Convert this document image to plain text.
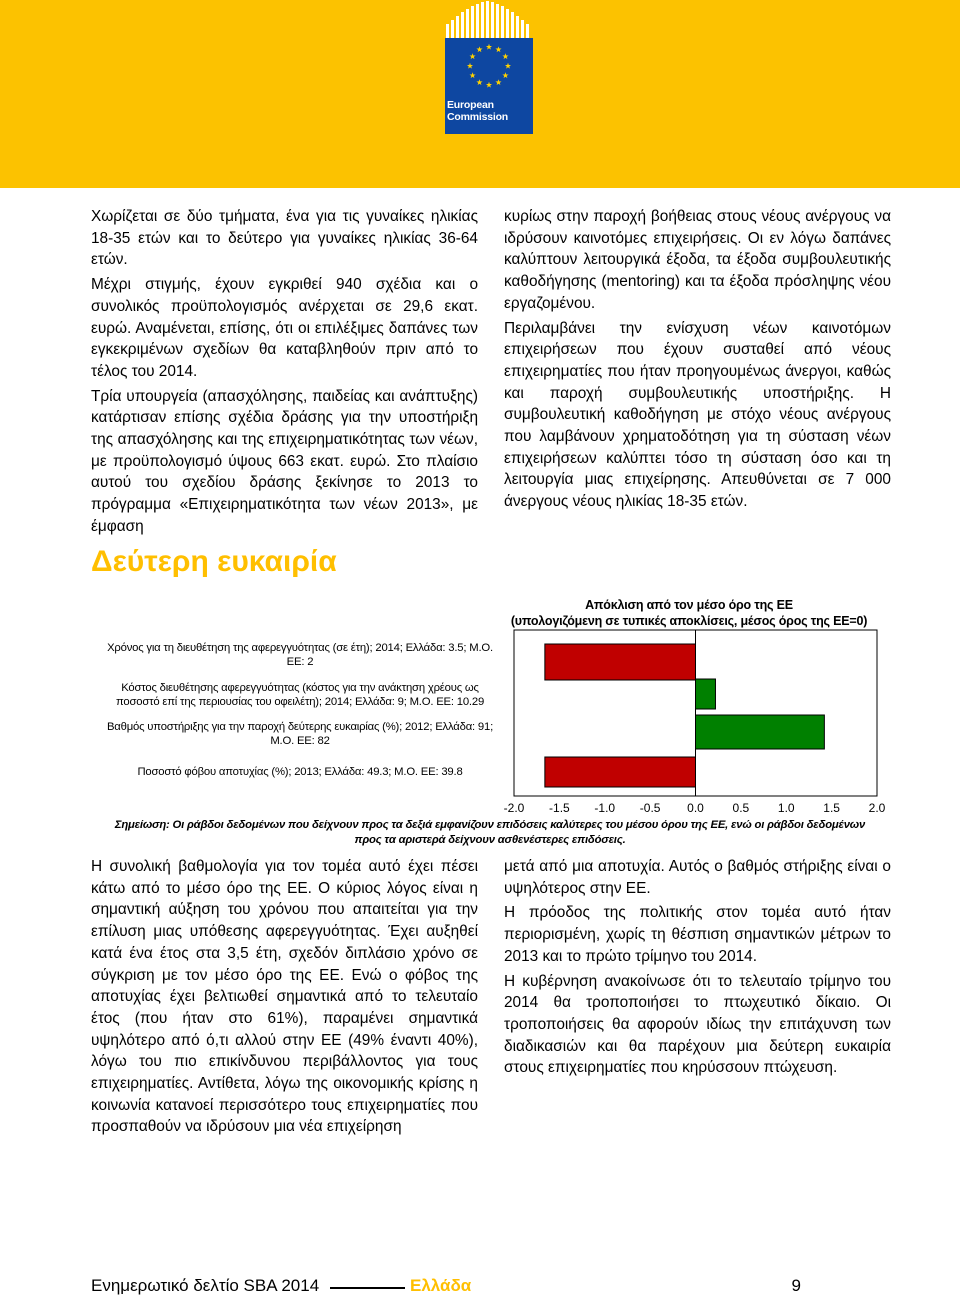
European
Commission

Χωρίζεται σε δύο τμήματα, ένα για τις γυναίκες ηλικίας 18-35 ετών και το δεύτερο για γυναίκες ηλικίας 36-64 ετών.

Μέχρι στιγμής, έχουν εγκριθεί 940 σχέδια και ο συνολικός προϋπολογισμός ανέρχεται σε 29,6 εκατ. ευρώ. Αναμένεται, επίσης, ότι οι επιλέξιμες δαπάνες των εγκεκριμένων σχεδίων θα καταβληθούν πριν από το τέλος του 2014.

Τρία υπουργεία (απασχόλησης, παιδείας και ανάπτυξης) κατάρτισαν επίσης σχέδια δράσης για την υποστήριξη της απασχόλησης και της επιχειρηματικότητας των νέων, με προϋπολογισμό ύψους 663 εκατ. ευρώ. Στο πλαίσιο αυτού του σχεδίου δράσης ξεκίνησε το 2013 το πρόγραμμα «Επιχειρηματικότητα των νέων 2013», με έμφαση

κυρίως στην παροχή βοήθειας στους νέους ανέργους να ιδρύσουν καινοτόμες επιχειρήσεις. Οι εν λόγω δαπάνες καλύπτουν λειτουργικά έξοδα, τα έξοδα συμβουλευτικής καθοδήγησης (mentoring) και τα έξοδα πρόσληψης νέου εργαζομένου.

Περιλαμβάνει την ενίσχυση νέων καινοτόμων επιχειρήσεων που έχουν συσταθεί από νέους επιχειρηματίες που ήταν προηγουμένως άνεργοι, καθώς και παροχή συμβουλευτικής υποστήριξης. Η συμβουλευτική καθοδήγηση με στόχο νέους ανέργους που λαμβάνουν χρηματοδότηση για τη σύσταση νέων επιχειρήσεων καλύπτει τόσο τη σύσταση όσο και τη λειτουργία μιας επιχείρησης. Απευθύνεται σε 7 000 άνεργους νέους ηλικίας 18-35 ετών.

Δεύτερη ευκαιρία
Απόκλιση από τον μέσο όρο της ΕΕ
(υπολογιζόμενη σε τυπικές αποκλίσεις, μέσος όρος της ΕΕ=0)
-2.0 -1.5 -1.0 -0.5 0.0 0.5 1.0 1.5 2.0
Χρόνος για τη διευθέτηση της αφερεγγυότητας (σε έτη); 2014; Ελλάδα: 3.5; Μ.Ο. ΕΕ: 2
Κόστος διευθέτησης αφερεγγυότητας (κόστος για την ανάκτηση χρέους ως ποσοστό επί της περιουσίας του οφειλέτη); 2014; Ελλάδα: 9; Μ.Ο. ΕΕ: 10.29
Βαθμός υποστήριξης για την παροχή δεύτερης ευκαιρίας (%); 2012; Ελλάδα: 91; Μ.Ο. ΕΕ: 82
Ποσοστό φόβου αποτυχίας (%); 2013; Ελλάδα: 49.3; Μ.Ο. ΕΕ: 39.8
Σημείωση: Οι ράβδοι δεδομένων που δείχνουν προς τα δεξιά εμφανίζουν επιδόσεις καλύτερες του μέσου όρου της ΕΕ, ενώ οι ράβδοι δεδομένων προς τα αριστερά δείχνουν ασθενέστερες επιδόσεις.

Η συνολική βαθμολογία για τον τομέα αυτό έχει πέσει κάτω από το μέσο όρο της ΕΕ. Ο κύριος λόγος είναι η σημαντική αύξηση του χρόνου που απαιτείται για την επίλυση μιας υπόθεσης αφερεγγυότητας. Έχει αυξηθεί κατά ένα έτος στα 3,5 έτη, σχεδόν διπλάσιο χρόνο σε σύγκριση με τον μέσο όρο της ΕΕ. Ενώ ο φόβος της αποτυχίας έχει βελτιωθεί σημαντικά από το τελευταίο έτος (που ήταν στο 61%), παραμένει σημαντικά υψηλότερο από ό,τι αλλού στην ΕΕ (49% έναντι 40%), λόγω του πιο επικίνδυνου περιβάλλοντος για τους επιχειρηματίες. Αντίθετα, λόγω της οικονομικής κρίσης η κοινωνία κατανοεί περισσότερο τους επιχειρηματίες που προσπαθούν να ιδρύσουν μια νέα επιχείρηση

μετά από μια αποτυχία. Αυτός ο βαθμός στήριξης είναι ο υψηλότερος στην ΕΕ.

Η πρόοδος της πολιτικής στον τομέα αυτό ήταν περιορισμένη, χωρίς τη θέσπιση σημαντικών μέτρων το 2013 και το πρώτο τρίμηνο του 2014.

Η κυβέρνηση ανακοίνωσε ότι το τελευταίο τρίμηνο του 2014 θα τροποποιήσει το πτωχευτικό δίκαιο. Οι τροποποιήσεις θα αφορούν ιδίως την επιτάχυνση των διαδικασιών και θα παρέχουν μια δεύτερη ευκαιρία στους επιχειρηματίες που κηρύσσουν πτώχευση.

Ενημερωτικό δελτίο SBA 2014	Ελλάδα	9
